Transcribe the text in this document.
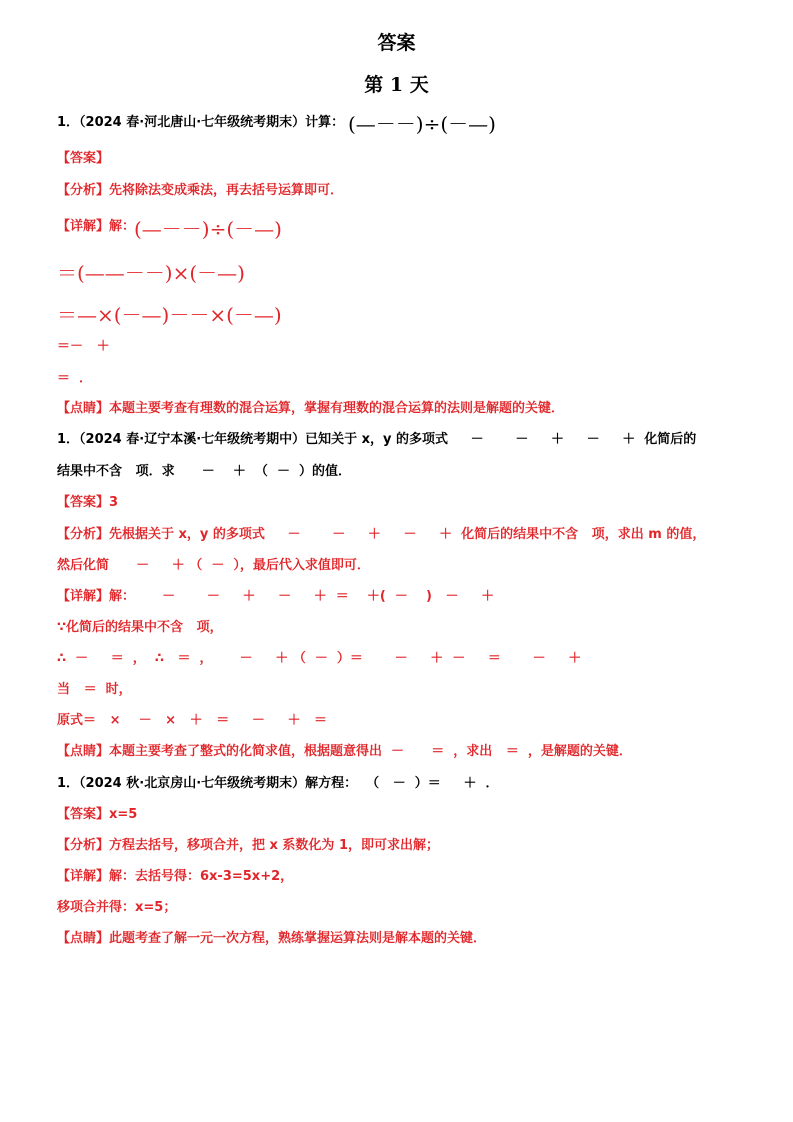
答案
第 1 天
1．（2024 春·河北唐山·七年级统考期末）计算： (—－－)÷(－—)
【答案】
【分析】先将除法变成乘法，再去括号运算即可．
【详解】解：
(—－－)÷(－—)
＝(——－－)×(－—)
＝—×(－—)－－×(－—)
＝－   ＋
＝  ．
【点睛】本题主要考查有理数的混合运算，掌握有理数的混合运算的法则是解题的关键．
1．（2024 春·辽宁本溪·七年级统考期中）已知关于 x，y 的多项式     －       －     ＋     －     ＋  化简后的
结果中不含   项．求      －    ＋  （  －  ）的值．
【答案】3
【分析】先根据关于 x，y 的多项式     －       －     ＋     －     ＋  化简后的结果中不含   项，求出 m 的值，
然后化简      －     ＋ （  －  ），最后代入求值即可．
【详解】解：      －       －     ＋     －     ＋  ＝    ＋(  －    )   －     ＋
∵化简后的结果中不含   项，
∴  －     ＝  ，  ∴   ＝  ，      －     ＋ （  －  ）＝       －     ＋  －     ＝       －     ＋
当   ＝  时，
原式＝   ×    －   ×   ＋   ＝     －     ＋   ＝
【点睛】本题主要考查了整式的化简求值，根据题意得出  －      ＝  ，求出   ＝  ，是解题的关键．
1．（2024 秋·北京房山·七年级统考期末）解方程：  （   －  ）＝     ＋  ．
【答案】x=5
【分析】方程去括号，移项合并，把 x 系数化为 1，即可求出解；
【详解】解：去括号得：6x-3=5x+2，
移项合并得：x=5；
【点睛】此题考查了解一元一次方程，熟练掌握运算法则是解本题的关键．
